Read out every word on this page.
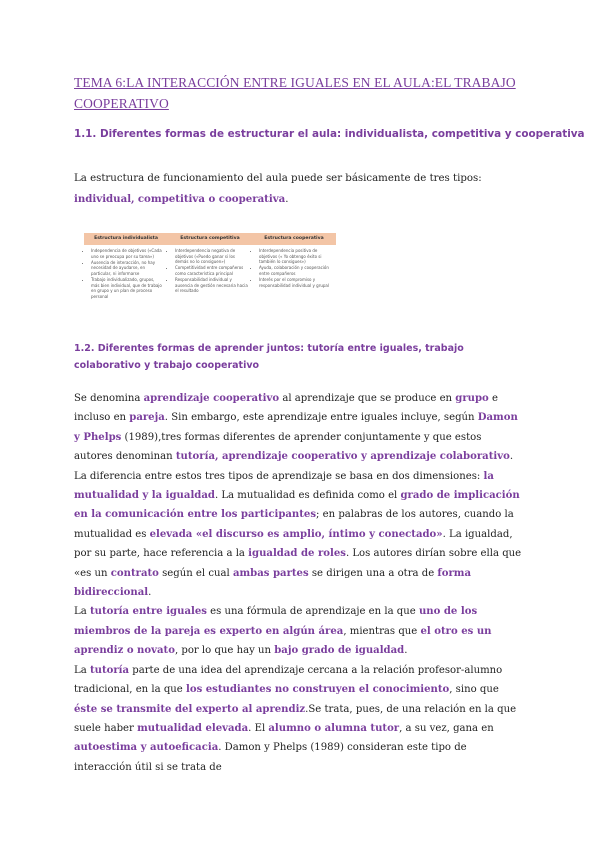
TEMA 6:LA INTERACCIÓN ENTRE IGUALES EN EL AULA:EL TRABAJO COOPERATIVO
1.1. Diferentes formas de estructurar el aula: individualista, competitiva y cooperativa
La estructura de funcionamiento del aula puede ser básicamente de tres tipos: individual, competitiva o cooperativa.
Estructura individualista	Estructura competitiva	Estructura cooperativa
• Independencia de objetivos («Cada uno se preocupa por su tarea»)
• Ausencia de interacción, no hay necesidad de ayudarse, en particular, ni informarse
• Trabajo individualizado, grupos, más bien individual, que de trabajo en grupo y un plan de proceso personal
• Interdependencia negativa de objetivos («Puedo ganar si los demás no lo consiguen»)
• Competitividad entre compañeros como característica principal
• Responsabilidad individual y ausencia de gestión necesaria hacia el resultado
• Interdependencia positiva de objetivos (« Yo obtengo éxito si también lo consigues»)
• Ayuda, colaboración y cooperación entre compañeros
• Interés por el compromiso y responsabilidad individual y grupal
1.2. Diferentes formas de aprender juntos: tutoría entre iguales, trabajo colaborativo y trabajo cooperativo

Se denomina aprendizaje cooperativo al aprendizaje que se produce en grupo e incluso en pareja. Sin embargo, este aprendizaje entre iguales incluye, según Damon y Phelps (1989),tres formas diferentes de aprender conjuntamente y que estos autores denominan tutoría, aprendizaje cooperativo y aprendizaje colaborativo. La diferencia entre estos tres tipos de aprendizaje se basa en dos dimensiones: la mutualidad y la igualdad. La mutualidad es definida como el grado de implicación en la comunicación entre los participantes; en palabras de los autores, cuando la mutualidad es elevada «el discurso es amplio, íntimo y conectado». La igualdad, por su parte, hace referencia a la igualdad de roles. Los autores dirían sobre ella que «es un contrato según el cual ambas partes se dirigen una a otra de forma bidireccional.

La tutoría entre iguales es una fórmula de aprendizaje en la que uno de los miembros de la pareja es experto en algún área, mientras que el otro es un aprendiz o novato, por lo que hay un bajo grado de igualdad.

La tutoría parte de una idea del aprendizaje cercana a la relación profesor-alumno tradicional, en la que los estudiantes no construyen el conocimiento, sino que éste se transmite del experto al aprendiz.Se trata, pues, de una relación en la que suele haber mutualidad elevada. El alumno o alumna tutor, a su vez, gana en autoestima y autoeficacia. Damon y Phelps (1989) consideran este tipo de interacción útil si se trata de
